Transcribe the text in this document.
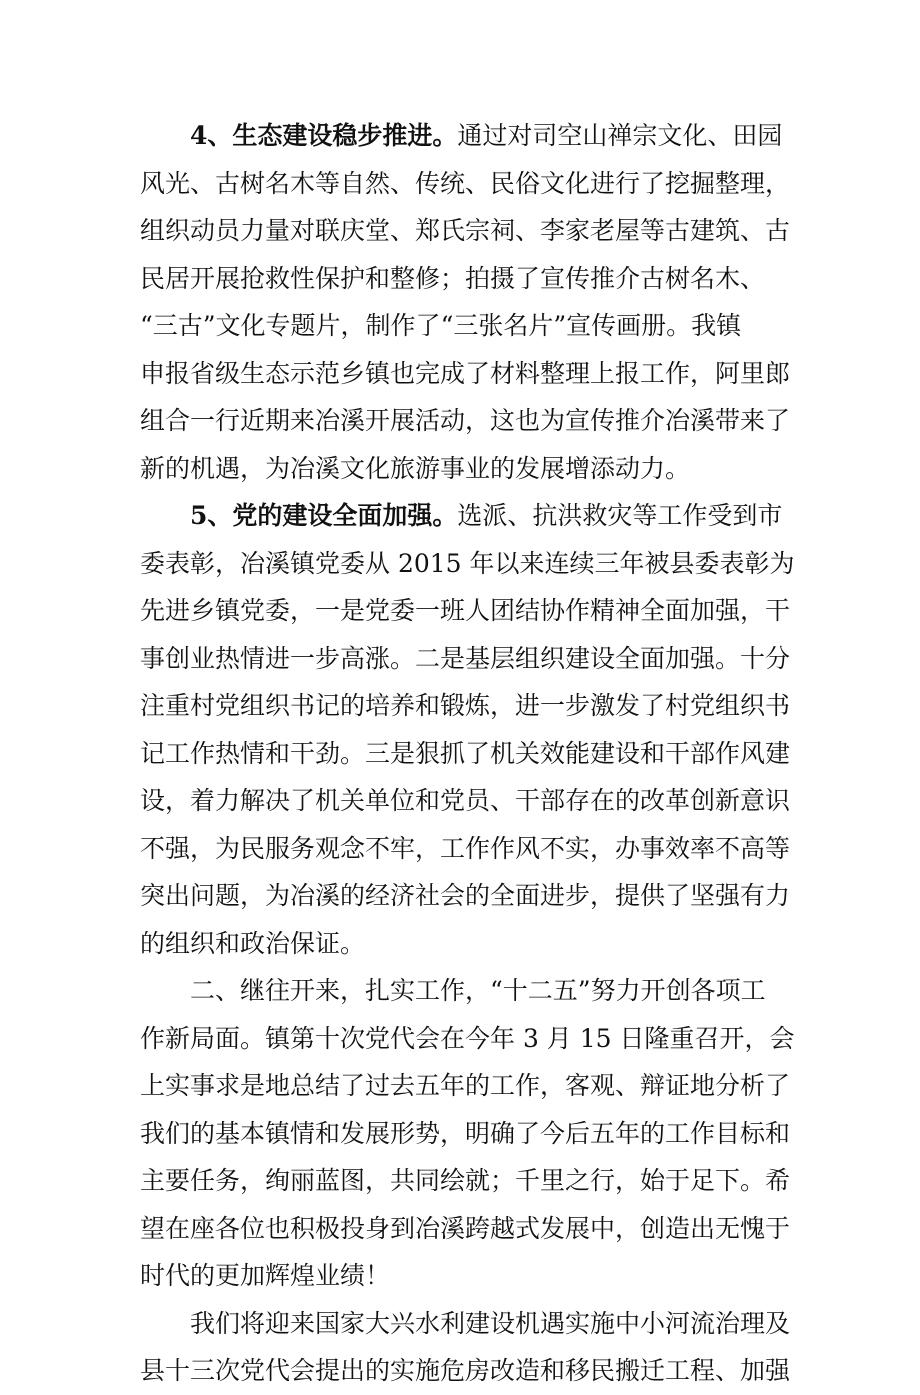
4、生态建设稳步推进。 通过对司空山禅宗文化、田园
风光、古树名木等自然、传统、民俗文化进行了挖掘整理，
组织动员力量对联庆堂、郑氏宗祠、李家老屋等古建筑、古
民居开展抢救性保护和整修；拍摄了宣传推介古树名木、
“三古”文化专题片，制作了“三张名片”宣传画册。我镇
申报省级生态示范乡镇也完成了材料整理上报工作，阿里郎
组合一行近期来冶溪开展活动，这也为宣传推介冶溪带来了
新的机遇，为冶溪文化旅游事业的发展增添动力。
5、党的建设全面加强。 选派、抗洪救灾等工作受到市
委表彰，冶溪镇党委从 2015 年以来连续三年被县委表彰为
先进乡镇党委，一是党委一班人团结协作精神全面加强，干
事创业热情进一步高涨。二是基层组织建设全面加强。十分
注重村党组织书记的培养和锻炼，进一步激发了村党组织书
记工作热情和干劲。三是狠抓了机关效能建设和干部作风建
设，着力解决了机关单位和党员、干部存在的改革创新意识
不强，为民服务观念不牢，工作作风不实，办事效率不高等
突出问题，为冶溪的经济社会的全面进步，提供了坚强有力
的组织和政治保证。
二、继往开来，扎实工作，“十二五”努力开创各项工
作新局面。镇第十次党代会在今年 3 月 15 日隆重召开，会
上实事求是地总结了过去五年的工作，客观、辩证地分析了
我们的基本镇情和发展形势，明确了今后五年的工作目标和
主要任务，绚丽蓝图，共同绘就；千里之行，始于足下。希
望在座各位也积极投身到冶溪跨越式发展中，创造出无愧于
时代的更加辉煌业绩！
我们将迎来国家大兴水利建设机遇实施中小河流治理及
县十三次党代会提出的实施危房改造和移民搬迁工程、加强
